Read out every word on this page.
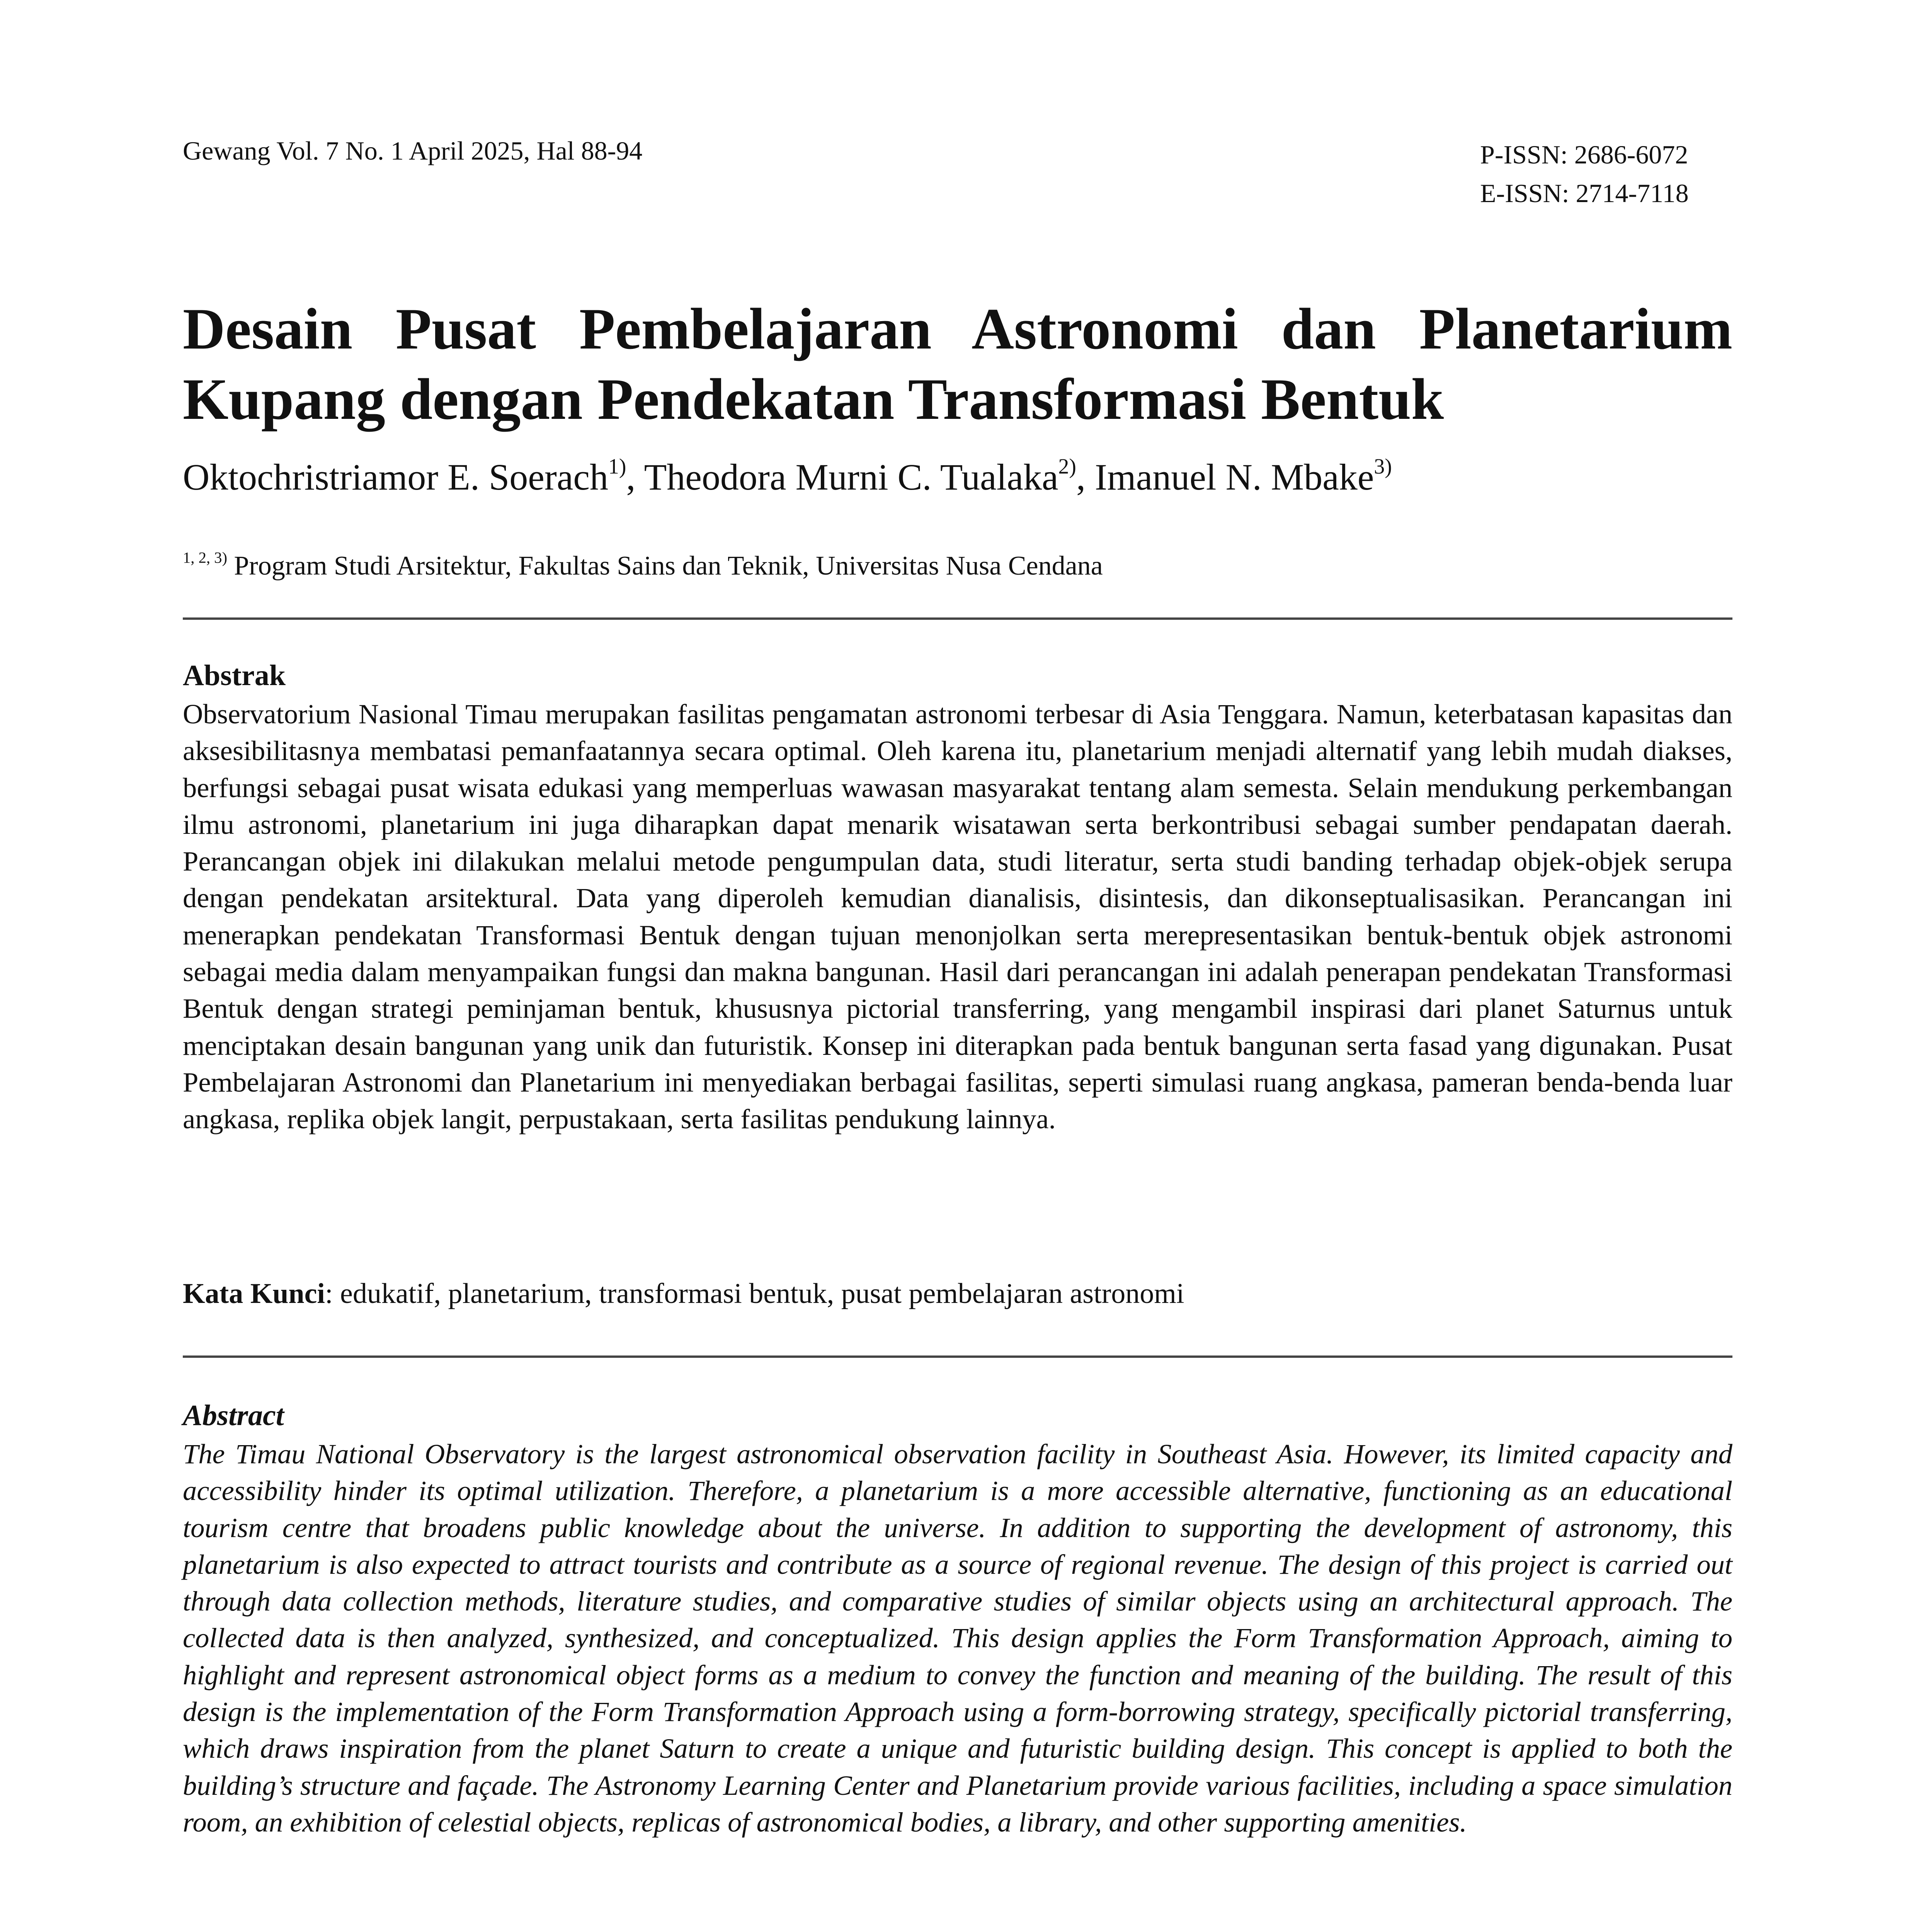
Gewang Vol. 7 No. 1 April 2025, Hal 88-94	P-ISSN: 2686-6072
E-ISSN: 2714-7118
Desain Pusat Pembelajaran Astronomi dan Planetarium Kupang dengan Pendekatan Transformasi Bentuk
Oktochristriamor E. Soerach$^{1)}$, Theodora Murni C. Tualaka$^{2)}$, Imanuel N. Mbake$^{3)}$
$^{1, 2, 3)}$ Program Studi Arsitektur, Fakultas Sains dan Teknik, Universitas Nusa Cendana
Abstrak
Observatorium Nasional Timau merupakan fasilitas pengamatan astronomi terbesar di Asia Tenggara. Namun, keterbatasan kapasitas dan aksesibilitasnya membatasi pemanfaatannya secara optimal. Oleh karena itu, planetarium menjadi alternatif yang lebih mudah diakses, berfungsi sebagai pusat wisata edukasi yang memperluas wawasan masyarakat tentang alam semesta. Selain mendukung perkembangan ilmu astronomi, planetarium ini juga diharapkan dapat menarik wisatawan serta berkontribusi sebagai sumber pendapatan daerah. Perancangan objek ini dilakukan melalui metode pengumpulan data, studi literatur, serta studi banding terhadap objek-objek serupa dengan pendekatan arsitektural. Data yang diperoleh kemudian dianalisis, disintesis, dan dikonseptualisasikan. Perancangan ini menerapkan pendekatan Transformasi Bentuk dengan tujuan menonjolkan serta merepresentasikan bentuk-bentuk objek astronomi sebagai media dalam menyampaikan fungsi dan makna bangunan. Hasil dari perancangan ini adalah penerapan pendekatan Transformasi Bentuk dengan strategi peminjaman bentuk, khususnya pictorial transferring, yang mengambil inspirasi dari planet Saturnus untuk menciptakan desain bangunan yang unik dan futuristik. Konsep ini diterapkan pada bentuk bangunan serta fasad yang digunakan. Pusat Pembelajaran Astronomi dan Planetarium ini menyediakan berbagai fasilitas, seperti simulasi ruang angkasa, pameran benda-benda luar angkasa, replika objek langit, perpustakaan, serta fasilitas pendukung lainnya.
Kata Kunci: edukatif, planetarium, transformasi bentuk, pusat pembelajaran astronomi
Abstract
The Timau National Observatory is the largest astronomical observation facility in Southeast Asia. However, its limited capacity and accessibility hinder its optimal utilization. Therefore, a planetarium is a more accessible alternative, functioning as an educational tourism centre that broadens public knowledge about the universe. In addition to supporting the development of astronomy, this planetarium is also expected to attract tourists and contribute as a source of regional revenue. The design of this project is carried out through data collection methods, literature studies, and comparative studies of similar objects using an architectural approach. The collected data is then analyzed, synthesized, and conceptualized. This design applies the Form Transformation Approach, aiming to highlight and represent astronomical object forms as a medium to convey the function and meaning of the building. The result of this design is the implementation of the Form Transformation Approach using a form-borrowing strategy, specifically pictorial transferring, which draws inspiration from the planet Saturn to create a unique and futuristic building design. This concept is applied to both the building’s structure and façade. The Astronomy Learning Center and Planetarium provide various facilities, including a space simulation room, an exhibition of celestial objects, replicas of astronomical bodies, a library, and other supporting amenities.
